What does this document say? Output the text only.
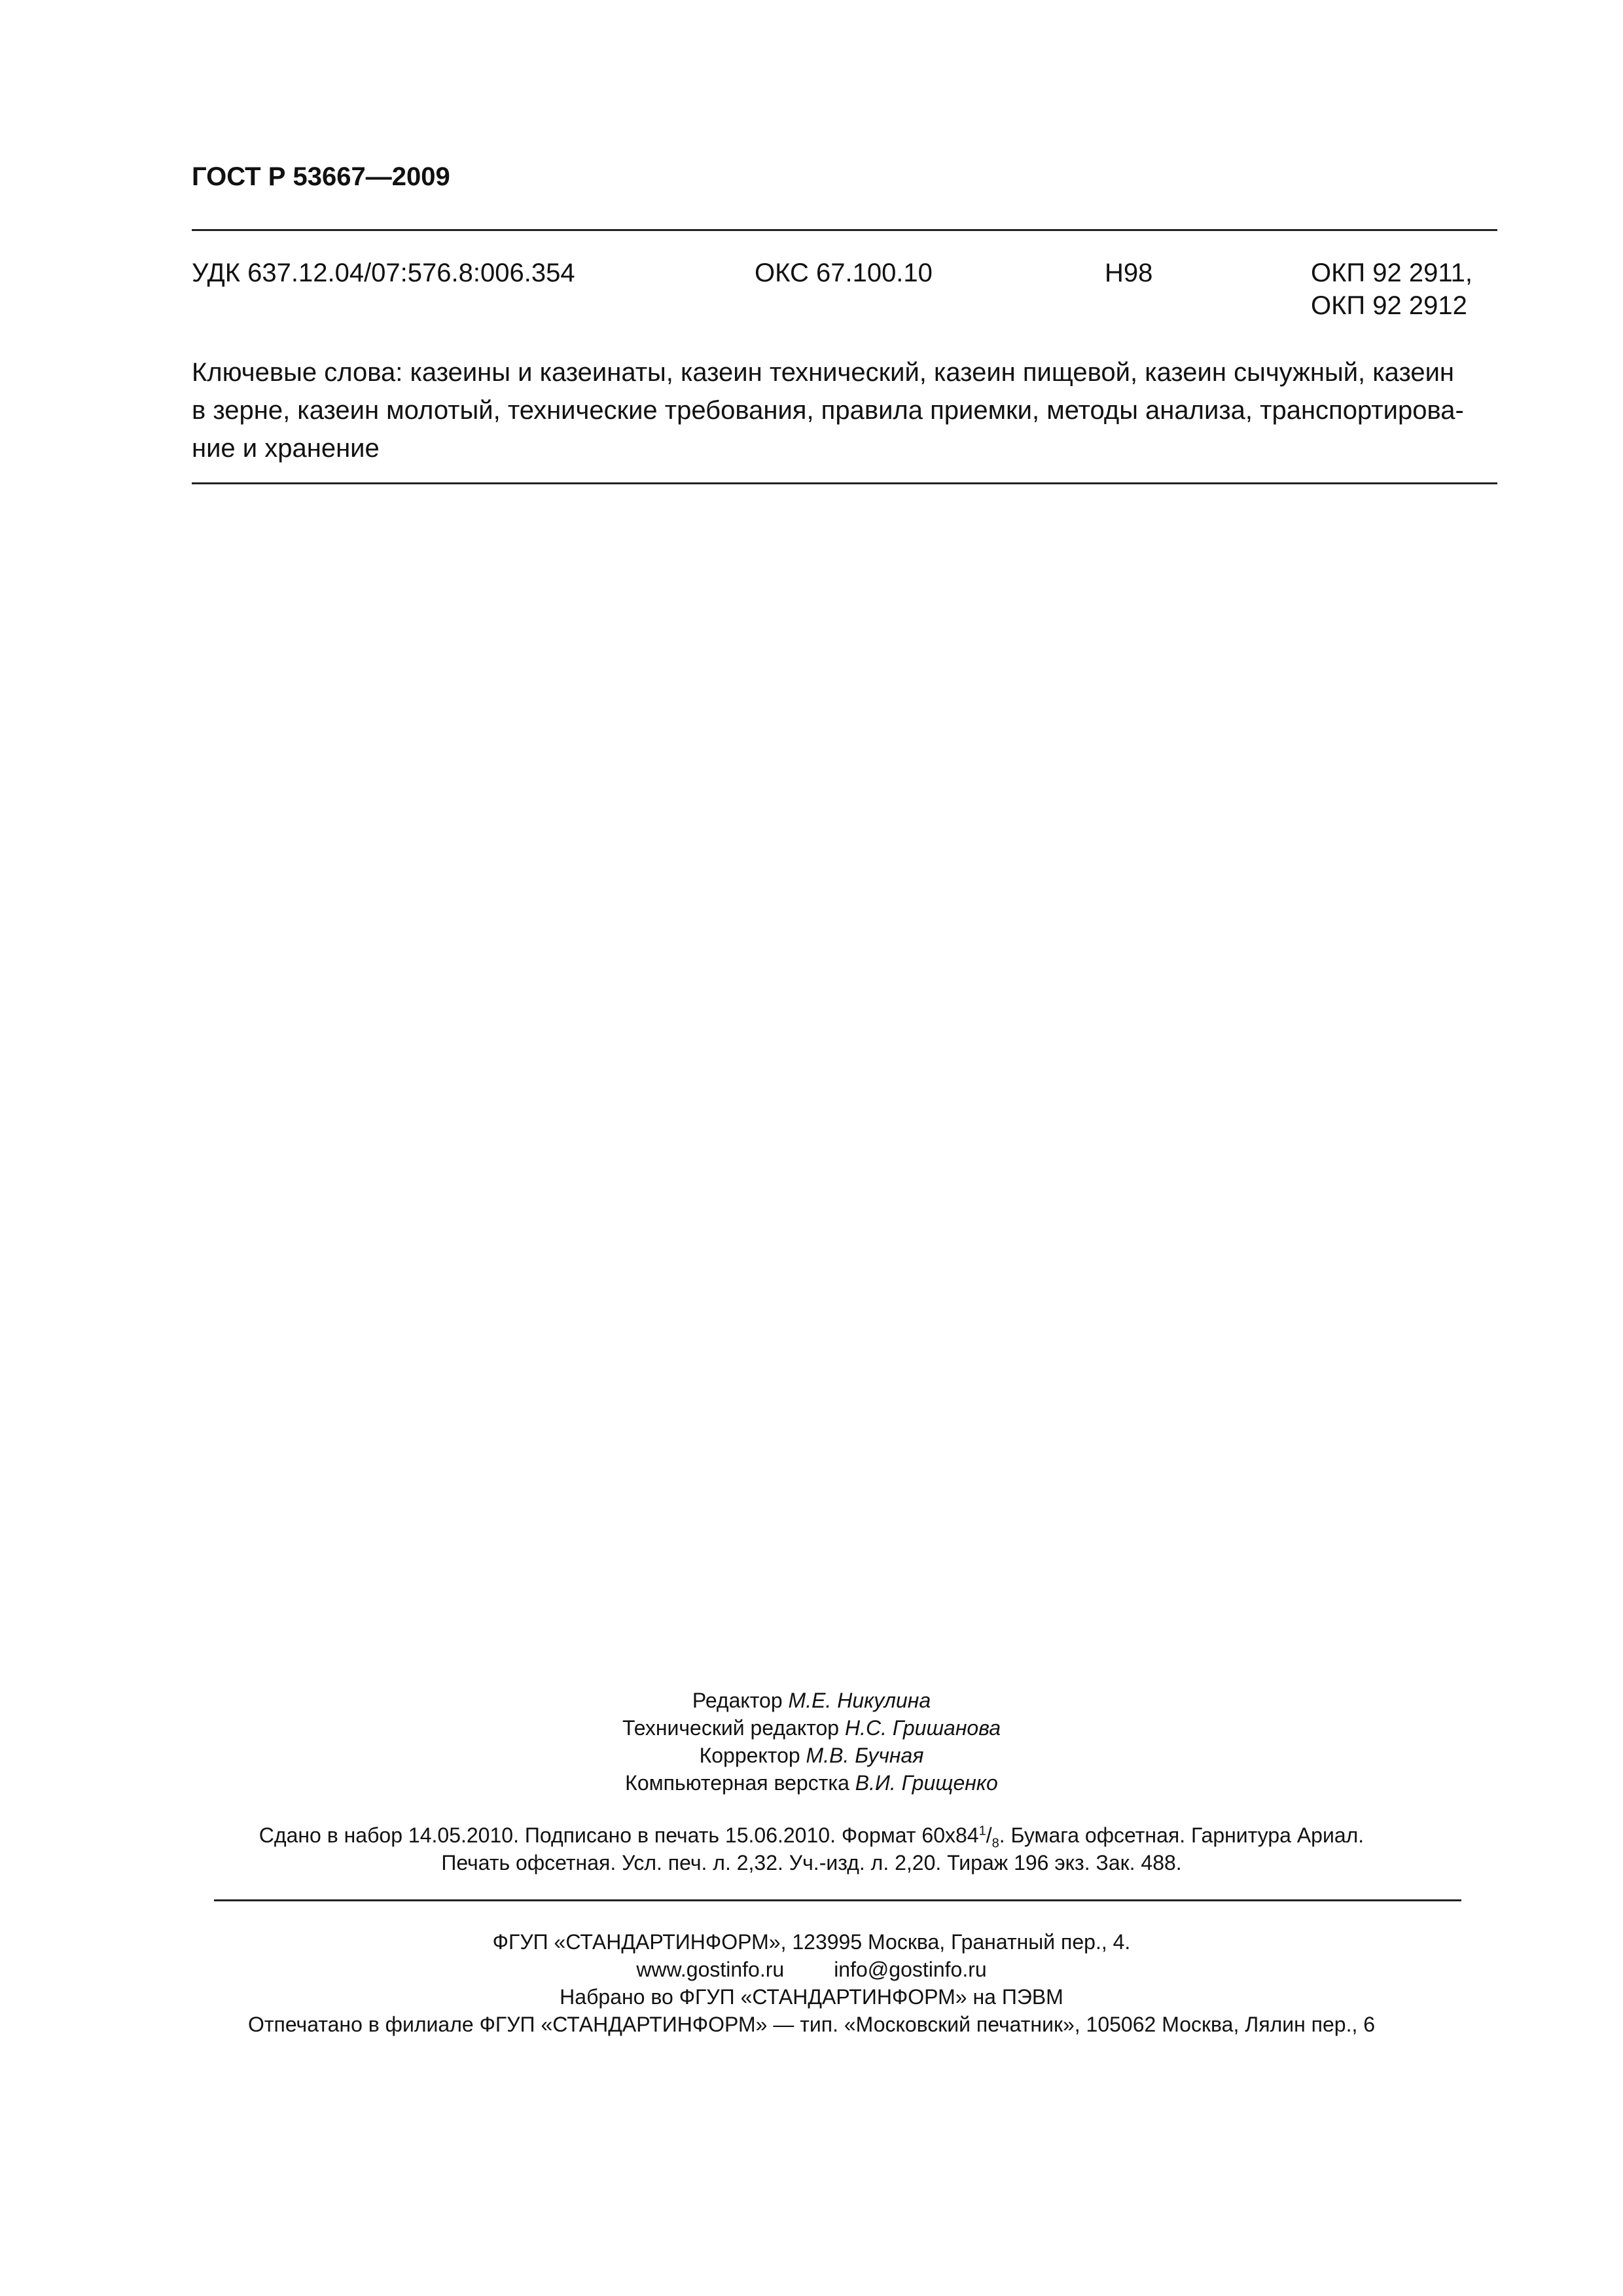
ГОСТ Р 53667—2009
УДК 637.12.04/07:576.8:006.354	ОКС 67.100.10	Н98	ОКП 92 2911,
ОКП 92 2912
Ключевые слова: казеины и казеинаты, казеин технический, казеин пищевой, казеин сычужный, казеин
в зерне, казеин молотый, технические требования, правила приемки, методы анализа, транспортирова-
ние и хранение
Редактор М.Е. Никулина
Технический редактор Н.С. Гришанова
Корректор М.В. Бучная
Компьютерная верстка В.И. Грищенко
Сдано в набор 14.05.2010. Подписано в печать 15.06.2010. Формат $60x84^1/_8$. Бумага офсетная. Гарнитура Ариал.
Печать офсетная. Усл. печ. л. 2,32. Уч.-изд. л. 2,20. Тираж 196 экз. Зак. 488.
ФГУП «СТАНДАРТИНФОРМ», 123995 Москва, Гранатный пер., 4.
www.gostinfo.ru info@gostinfo.ru
Набрано во ФГУП «СТАНДАРТИНФОРМ» на ПЭВМ
Отпечатано в филиале ФГУП «СТАНДАРТИНФОРМ» — тип. «Московский печатник», 105062 Москва, Лялин пер., 6
